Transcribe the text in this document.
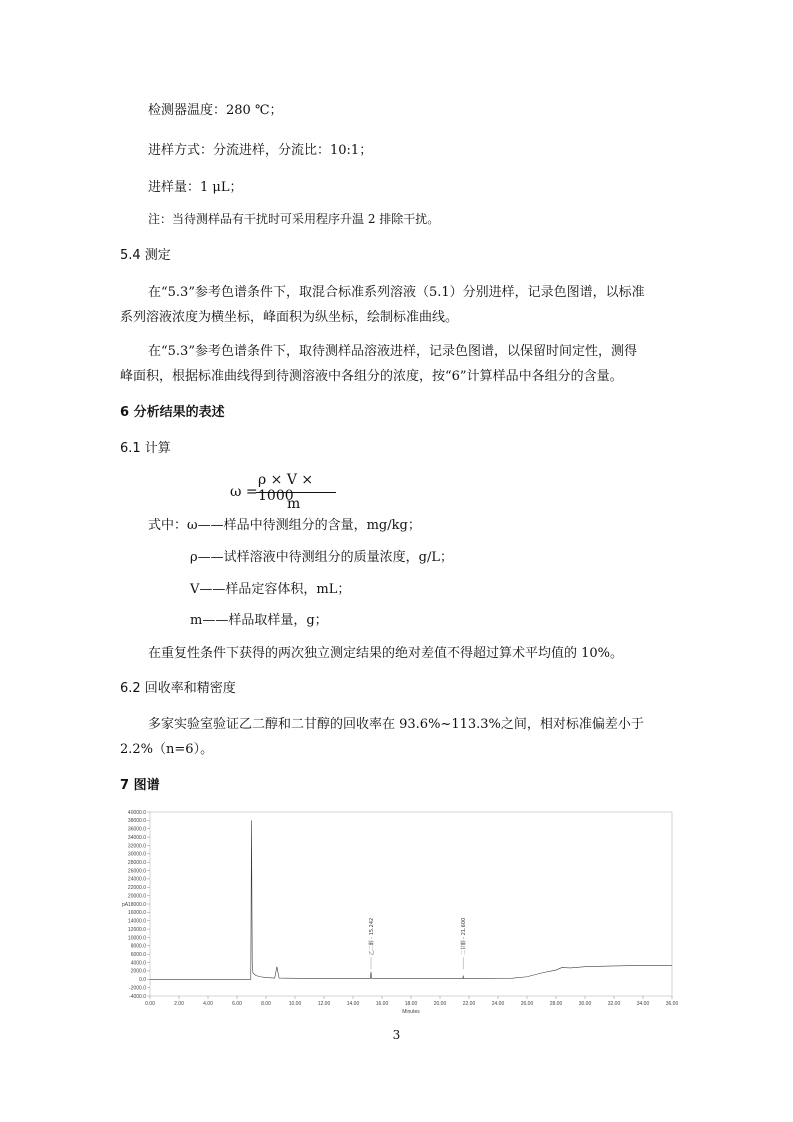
检测器温度：280 ℃；
进样方式：分流进样，分流比：10:1；
进样量：1 μL；
注：当待测样品有干扰时可采用程序升温 2 排除干扰。
5.4 测定
在“5.3”参考色谱条件下，取混合标准系列溶液（5.1）分别进样，记录色图谱，以标准
系列溶液浓度为横坐标，峰面积为纵坐标，绘制标准曲线。
在“5.3”参考色谱条件下，取待测样品溶液进样，记录色图谱，以保留时间定性，测得
峰面积，根据标准曲线得到待测溶液中各组分的浓度，按“6”计算样品中各组分的含量。
6 分析结果的表述
6.1 计算
ω =
ρ × V × 1000
m
式中：ω——样品中待测组分的含量，mg/kg；
ρ——试样溶液中待测组分的质量浓度，g/L；
V——样品定容体积，mL；
m——样品取样量，g；
在重复性条件下获得的两次独立测定结果的绝对差值不得超过算术平均值的 10%。
6.2 回收率和精密度
多家实验室验证乙二醇和二甘醇的回收率在 93.6%~113.3%之间，相对标准偏差小于
2.2%（n=6）。
7 图谱
40000.0
38000.0
36000.0
34000.0
32000.0
30000.0
28000.0
26000.0
24000.0
22000.0
20000.0
18000.0
16000.0
14000.0
12000.0
10000.0
8000.0
6000.0
4000.0
2000.0
0.0
-2000.0
-4000.0
0.00	2.00	4.00	6.00	8.00	10.00	12.00	14.00	16.00	18.00	20.00	22.00	24.00	26.00	28.00	30.00	32.00	34.00	36.00
Minutes
pA
乙二醇 - 15.242	二甘醇 - 21.600
3
